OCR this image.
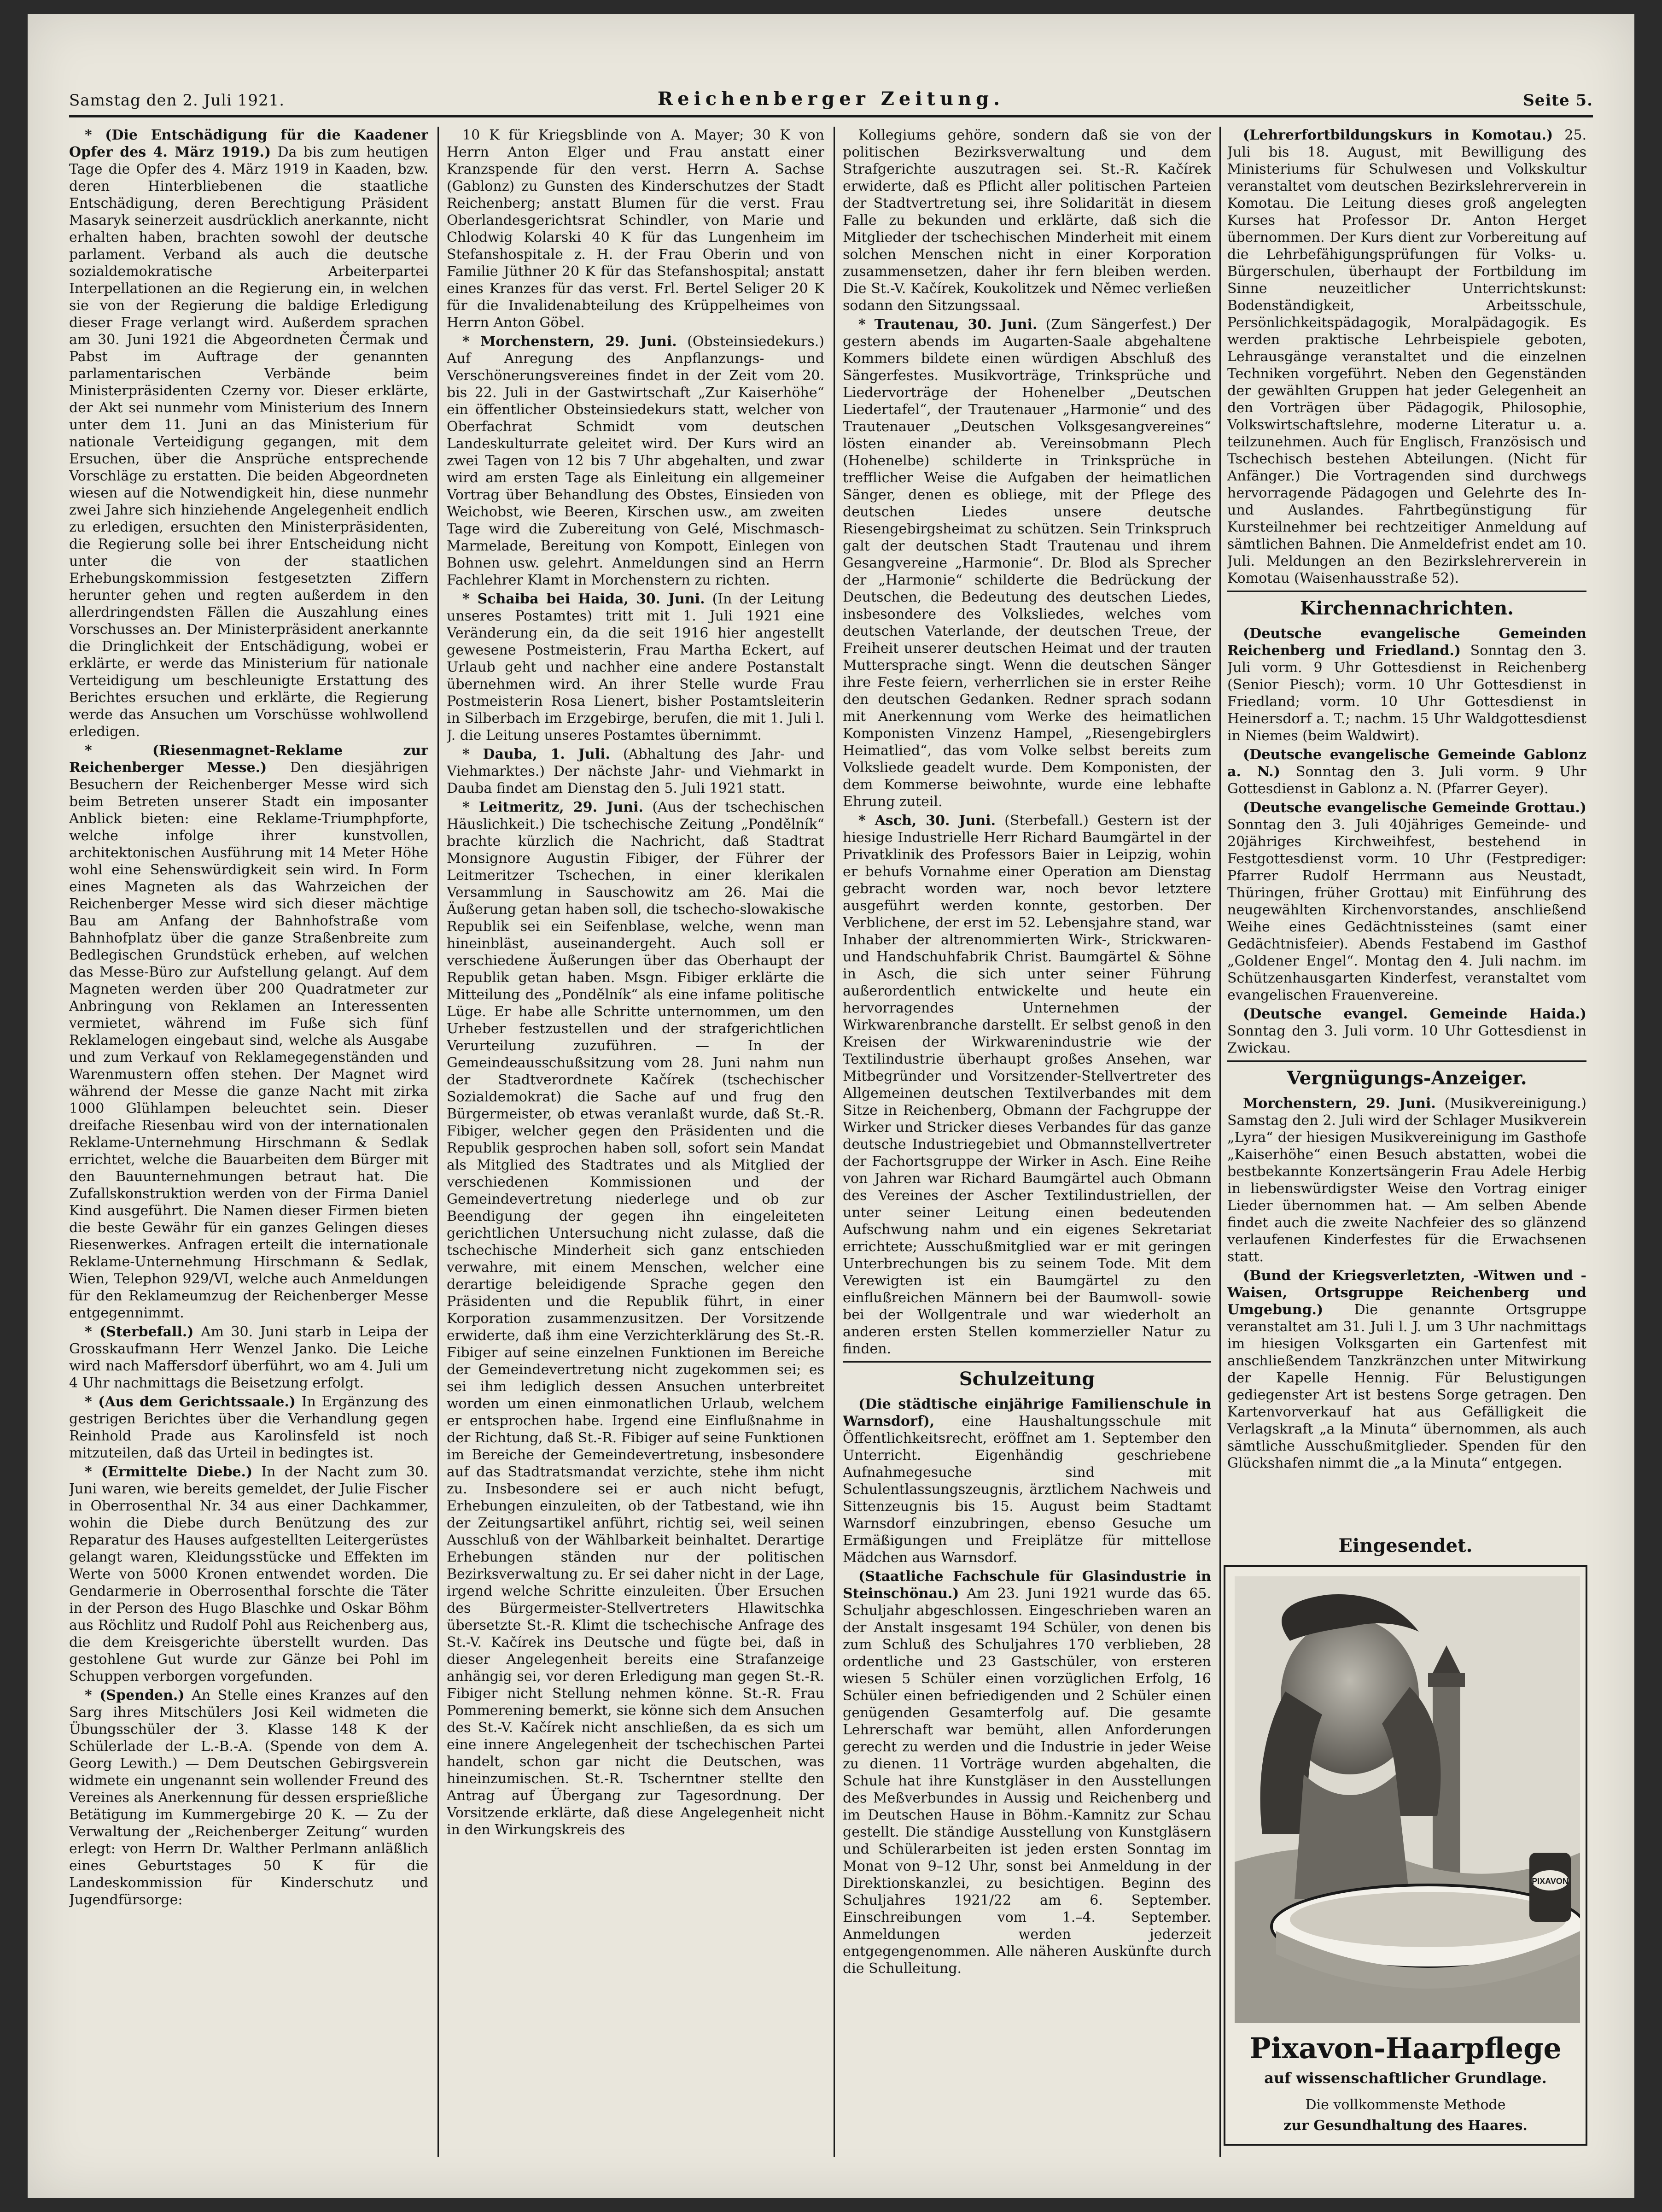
Samstag den 2. Juli 1921.	Reichenberger Zeitung.	Seite 5.

* (Die Entschädigung für die Kaadener Opfer des 4. März 1919.) Da bis zum heutigen Tage die Opfer des 4. März 1919 in Kaaden, bzw. deren Hinterbliebenen die staatliche Entschädigung, deren Berechtigung Präsident Masaryk seinerzeit ausdrücklich anerkannte, nicht erhalten haben, brachten sowohl der deutsche parlament. Verband als auch die deutsche sozialdemokratische Arbeiterpartei Interpellationen an die Regierung ein, in welchen sie von der Regierung die baldige Erledigung dieser Frage verlangt wird. Außerdem sprachen am 30. Juni 1921 die Abgeordneten Čermak und Pabst im Auftrage der genannten parlamentarischen Verbände beim Ministerpräsidenten Czerny vor. Dieser erklärte, der Akt sei nunmehr vom Ministerium des Innern unter dem 11. Juni an das Ministerium für nationale Verteidigung gegangen, mit dem Ersuchen, über die Ansprüche entsprechende Vorschläge zu erstatten. Die beiden Abgeordneten wiesen auf die Notwendigkeit hin, diese nunmehr zwei Jahre sich hinziehende Angelegenheit endlich zu erledigen, ersuchten den Ministerpräsidenten, die Regierung solle bei ihrer Entscheidung nicht unter die von der staatlichen Erhebungskommission festgesetzten Ziffern herunter gehen und regten außerdem in den allerdringendsten Fällen die Auszahlung eines Vorschusses an. Der Ministerpräsident anerkannte die Dringlichkeit der Entschädigung, wobei er erklärte, er werde das Ministerium für nationale Verteidigung um beschleunigte Erstattung des Berichtes ersuchen und erklärte, die Regierung werde das Ansuchen um Vorschüsse wohlwollend erledigen.

* (Riesenmagnet-Reklame zur Reichenberger Messe.) Den diesjährigen Besuchern der Reichenberger Messe wird sich beim Betreten unserer Stadt ein imposanter Anblick bieten: eine Reklame-Triumphpforte, welche infolge ihrer kunstvollen, architektonischen Ausführung mit 14 Meter Höhe wohl eine Sehenswürdigkeit sein wird. In Form eines Magneten als das Wahrzeichen der Reichenberger Messe wird sich dieser mächtige Bau am Anfang der Bahnhofstraße vom Bahnhofplatz über die ganze Straßenbreite zum Bedlegischen Grundstück erheben, auf welchen das Messe-Büro zur Aufstellung gelangt. Auf dem Magneten werden über 200 Quadratmeter zur Anbringung von Reklamen an Interessenten vermietet, während im Fuße sich fünf Reklamelogen eingebaut sind, welche als Ausgabe und zum Verkauf von Reklamegegenständen und Warenmustern offen stehen. Der Magnet wird während der Messe die ganze Nacht mit zirka 1000 Glühlampen beleuchtet sein. Dieser dreifache Riesenbau wird von der internationalen Reklame-Unternehmung Hirschmann & Sedlak errichtet, welche die Bauarbeiten dem Bürger mit den Bauunternehmungen betraut hat. Die Zufallskonstruktion werden von der Firma Daniel Kind ausgeführt. Die Namen dieser Firmen bieten die beste Gewähr für ein ganzes Gelingen dieses Riesenwerkes. Anfragen erteilt die internationale Reklame-Unternehmung Hirschmann & Sedlak, Wien, Telephon 929/VI, welche auch Anmeldungen für den Reklameumzug der Reichenberger Messe entgegennimmt.

* (Sterbefall.) Am 30. Juni starb in Leipa der Grosskaufmann Herr Wenzel Janko. Die Leiche wird nach Maffersdorf überführt, wo am 4. Juli um 4 Uhr nachmittags die Beisetzung erfolgt.

* (Aus dem Gerichtssaale.) In Ergänzung des gestrigen Berichtes über die Verhandlung gegen Reinhold Prade aus Karolinsfeld ist noch mitzuteilen, daß das Urteil in bedingtes ist.

* (Ermittelte Diebe.) In der Nacht zum 30. Juni waren, wie bereits gemeldet, der Julie Fischer in Oberrosenthal Nr. 34 aus einer Dachkammer, wohin die Diebe durch Benützung des zur Reparatur des Hauses aufgestellten Leitergerüstes gelangt waren, Kleidungsstücke und Effekten im Werte von 5000 Kronen entwendet worden. Die Gendarmerie in Oberrosenthal forschte die Täter in der Person des Hugo Blaschke und Oskar Böhm aus Röchlitz und Rudolf Pohl aus Reichenberg aus, die dem Kreisgerichte überstellt wurden. Das gestohlene Gut wurde zur Gänze bei Pohl im Schuppen verborgen vorgefunden.

* (Spenden.) An Stelle eines Kranzes auf den Sarg ihres Mitschülers Josi Keil widmeten die Übungsschüler der 3. Klasse 148 K der Schülerlade der L.-B.-A. (Spende von dem A. Georg Lewith.) — Dem Deutschen Gebirgsverein widmete ein ungenannt sein wollender Freund des Vereines als Anerkennung für dessen ersprießliche Betätigung im Kummergebirge 20 K. — Zu der Verwaltung der „Reichenberger Zeitung“ wurden erlegt: von Herrn Dr. Walther Perlmann anläßlich eines Geburtstages 50 K für die Landeskommission für Kinderschutz und Jugendfürsorge:

10 K für Kriegsblinde von A. Mayer; 30 K von Herrn Anton Elger und Frau anstatt einer Kranzspende für den verst. Herrn A. Sachse (Gablonz) zu Gunsten des Kinderschutzes der Stadt Reichenberg; anstatt Blumen für die verst. Frau Oberlandesgerichtsrat Schindler, von Marie und Chlodwig Kolarski 40 K für das Lungenheim im Stefanshospitale z. H. der Frau Oberin und von Familie Jüthner 20 K für das Stefanshospital; anstatt eines Kranzes für das verst. Frl. Bertel Seliger 20 K für die Invalidenabteilung des Krüppelheimes von Herrn Anton Göbel.

* Morchenstern, 29. Juni. (Obsteinsiedekurs.) Auf Anregung des Anpflanzungs- und Verschönerungsvereines findet in der Zeit vom 20. bis 22. Juli in der Gastwirtschaft „Zur Kaiserhöhe“ ein öffentlicher Obsteinsiedekurs statt, welcher von Oberfachrat Schmidt vom deutschen Landeskulturrate geleitet wird. Der Kurs wird an zwei Tagen von 12 bis 7 Uhr abgehalten, und zwar wird am ersten Tage als Einleitung ein allgemeiner Vortrag über Behandlung des Obstes, Einsieden von Weichobst, wie Beeren, Kirschen usw., am zweiten Tage wird die Zubereitung von Gelé, Mischmasch-Marmelade, Bereitung von Kompott, Einlegen von Bohnen usw. gelehrt. Anmeldungen sind an Herrn Fachlehrer Klamt in Morchenstern zu richten.

* Schaiba bei Haida, 30. Juni. (In der Leitung unseres Postamtes) tritt mit 1. Juli 1921 eine Veränderung ein, da die seit 1916 hier angestellt gewesene Postmeisterin, Frau Martha Eckert, auf Urlaub geht und nachher eine andere Postanstalt übernehmen wird. An ihrer Stelle wurde Frau Postmeisterin Rosa Lienert, bisher Postamtsleiterin in Silberbach im Erzgebirge, berufen, die mit 1. Juli l. J. die Leitung unseres Postamtes übernimmt.

* Dauba, 1. Juli. (Abhaltung des Jahr- und Viehmarktes.) Der nächste Jahr- und Viehmarkt in Dauba findet am Dienstag den 5. Juli 1921 statt.

* Leitmeritz, 29. Juni. (Aus der tschechischen Häuslichkeit.) Die tschechische Zeitung „Pondělník“ brachte kürzlich die Nachricht, daß Stadtrat Monsignore Augustin Fibiger, der Führer der Leitmeritzer Tschechen, in einer klerikalen Versammlung in Sauschowitz am 26. Mai die Äußerung getan haben soll, die tschecho-slowakische Republik sei ein Seifenblase, welche, wenn man hineinbläst, auseinandergeht. Auch soll er verschiedene Äußerungen über das Oberhaupt der Republik getan haben. Msgn. Fibiger erklärte die Mitteilung des „Pondělník“ als eine infame politische Lüge. Er habe alle Schritte unternommen, um den Urheber festzustellen und der strafgerichtlichen Verurteilung zuzuführen. — In der Gemeindeausschußsitzung vom 28. Juni nahm nun der Stadtverordnete Kačírek (tschechischer Sozialdemokrat) die Sache auf und frug den Bürgermeister, ob etwas veranlaßt wurde, daß St.-R. Fibiger, welcher gegen den Präsidenten und die Republik gesprochen haben soll, sofort sein Mandat als Mitglied des Stadtrates und als Mitglied der verschiedenen Kommissionen und der Gemeindevertretung niederlege und ob zur Beendigung der gegen ihn eingeleiteten gerichtlichen Untersuchung nicht zulasse, daß die tschechische Minderheit sich ganz entschieden verwahre, mit einem Menschen, welcher eine derartige beleidigende Sprache gegen den Präsidenten und die Republik führt, in einer Korporation zusammenzusitzen. Der Vorsitzende erwiderte, daß ihm eine Verzichterklärung des St.-R. Fibiger auf seine einzelnen Funktionen im Bereiche der Gemeindevertretung nicht zugekommen sei; es sei ihm lediglich dessen Ansuchen unterbreitet worden um einen einmonatlichen Urlaub, welchem er entsprochen habe. Irgend eine Einflußnahme in der Richtung, daß St.-R. Fibiger auf seine Funktionen im Bereiche der Gemeindevertretung, insbesondere auf das Stadtratsmandat verzichte, stehe ihm nicht zu. Insbesondere sei er auch nicht befugt, Erhebungen einzuleiten, ob der Tatbestand, wie ihn der Zeitungsartikel anführt, richtig sei, weil seinen Ausschluß von der Wählbarkeit beinhaltet. Derartige Erhebungen ständen nur der politischen Bezirksverwaltung zu. Er sei daher nicht in der Lage, irgend welche Schritte einzuleiten. Über Ersuchen des Bürgermeister-Stellvertreters Hlawitschka übersetzte St.-R. Klimt die tschechische Anfrage des St.-V. Kačírek ins Deutsche und fügte bei, daß in dieser Angelegenheit bereits eine Strafanzeige anhängig sei, vor deren Erledigung man gegen St.-R. Fibiger nicht Stellung nehmen könne. St.-R. Frau Pommerening bemerkt, sie könne sich dem Ansuchen des St.-V. Kačírek nicht anschließen, da es sich um eine innere Angelegenheit der tschechischen Partei handelt, schon gar nicht die Deutschen, was hineinzumischen. St.-R. Tscherntner stellte den Antrag auf Übergang zur Tagesordnung. Der Vorsitzende erklärte, daß diese Angelegenheit nicht in den Wirkungskreis des

Kollegiums gehöre, sondern daß sie von der politischen Bezirksverwaltung und dem Strafgerichte auszutragen sei. St.-R. Kačírek erwiderte, daß es Pflicht aller politischen Parteien der Stadtvertretung sei, ihre Solidarität in diesem Falle zu bekunden und erklärte, daß sich die Mitglieder der tschechischen Minderheit mit einem solchen Menschen nicht in einer Korporation zusammensetzen, daher ihr fern bleiben werden. Die St.-V. Kačírek, Koukolitzek und Němec verließen sodann den Sitzungssaal.

* Trautenau, 30. Juni. (Zum Sängerfest.) Der gestern abends im Augarten-Saale abgehaltene Kommers bildete einen würdigen Abschluß des Sängerfestes. Musikvorträge, Trinksprüche und Liedervorträge der Hohenelber „Deutschen Liedertafel“, der Trautenauer „Harmonie“ und des Trautenauer „Deutschen Volksgesangvereines“ lösten einander ab. Vereinsobmann Plech (Hohenelbe) schilderte in Trinksprüche in trefflicher Weise die Aufgaben der heimatlichen Sänger, denen es obliege, mit der Pflege des deutschen Liedes unsere deutsche Riesengebirgsheimat zu schützen. Sein Trinkspruch galt der deutschen Stadt Trautenau und ihrem Gesangvereine „Harmonie“. Dr. Blod als Sprecher der „Harmonie“ schilderte die Bedrückung der Deutschen, die Bedeutung des deutschen Liedes, insbesondere des Volksliedes, welches vom deutschen Vaterlande, der deutschen Treue, der Freiheit unserer deutschen Heimat und der trauten Muttersprache singt. Wenn die deutschen Sänger ihre Feste feiern, verherrlichen sie in erster Reihe den deutschen Gedanken. Redner sprach sodann mit Anerkennung vom Werke des heimatlichen Komponisten Vinzenz Hampel, „Riesengebirglers Heimatlied“, das vom Volke selbst bereits zum Volksliede geadelt wurde. Dem Komponisten, der dem Kommerse beiwohnte, wurde eine lebhafte Ehrung zuteil.

* Asch, 30. Juni. (Sterbefall.) Gestern ist der hiesige Industrielle Herr Richard Baumgärtel in der Privatklinik des Professors Baier in Leipzig, wohin er behufs Vornahme einer Operation am Dienstag gebracht worden war, noch bevor letztere ausgeführt werden konnte, gestorben. Der Verblichene, der erst im 52. Lebensjahre stand, war Inhaber der altrenommierten Wirk-, Strickwaren- und Handschuhfabrik Christ. Baumgärtel & Söhne in Asch, die sich unter seiner Führung außerordentlich entwickelte und heute ein hervorragendes Unternehmen der Wirkwarenbranche darstellt. Er selbst genoß in den Kreisen der Wirkwarenindustrie wie der Textilindustrie überhaupt großes Ansehen, war Mitbegründer und Vorsitzender-Stellvertreter des Allgemeinen deutschen Textilverbandes mit dem Sitze in Reichenberg, Obmann der Fachgruppe der Wirker und Stricker dieses Verbandes für das ganze deutsche Industriegebiet und Obmannstellvertreter der Fachortsgruppe der Wirker in Asch. Eine Reihe von Jahren war Richard Baumgärtel auch Obmann des Vereines der Ascher Textilindustriellen, der unter seiner Leitung einen bedeutenden Aufschwung nahm und ein eigenes Sekretariat errichtete; Ausschußmitglied war er mit geringen Unterbrechungen bis zu seinem Tode. Mit dem Verewigten ist ein Baumgärtel zu den einflußreichen Männern bei der Baumwoll- sowie bei der Wollgentrale und war wiederholt an anderen ersten Stellen kommerzieller Natur zu finden.

Schulzeitung

(Die städtische einjährige Familienschule in Warnsdorf), eine Haushaltungsschule mit Öffentlichkeitsrecht, eröffnet am 1. September den Unterricht. Eigenhändig geschriebene Aufnahmegesuche sind mit Schulentlassungszeugnis, ärztlichem Nachweis und Sittenzeugnis bis 15. August beim Stadtamt Warnsdorf einzubringen, ebenso Gesuche um Ermäßigungen und Freiplätze für mittellose Mädchen aus Warnsdorf.

(Staatliche Fachschule für Glasindustrie in Steinschönau.) Am 23. Juni 1921 wurde das 65. Schuljahr abgeschlossen. Eingeschrieben waren an der Anstalt insgesamt 194 Schüler, von denen bis zum Schluß des Schuljahres 170 verblieben, 28 ordentliche und 23 Gastschüler, von ersteren wiesen 5 Schüler einen vorzüglichen Erfolg, 16 Schüler einen befriedigenden und 2 Schüler einen genügenden Gesamterfolg auf. Die gesamte Lehrerschaft war bemüht, allen Anforderungen gerecht zu werden und die Industrie in jeder Weise zu dienen. 11 Vorträge wurden abgehalten, die Schule hat ihre Kunstgläser in den Ausstellungen des Meßverbundes in Aussig und Reichenberg und im Deutschen Hause in Böhm.-Kamnitz zur Schau gestellt. Die ständige Ausstellung von Kunstgläsern und Schülerarbeiten ist jeden ersten Sonntag im Monat von 9–12 Uhr, sonst bei Anmeldung in der Direktionskanzlei, zu besichtigen. Beginn des Schuljahres 1921/22 am 6. September. Einschreibungen vom 1.–4. September. Anmeldungen werden jederzeit entgegengenommen. Alle näheren Auskünfte durch die Schulleitung.

(Lehrerfortbildungskurs in Komotau.) 25. Juli bis 18. August, mit Bewilligung des Ministeriums für Schulwesen und Volkskultur veranstaltet vom deutschen Bezirkslehrerverein in Komotau. Die Leitung dieses groß angelegten Kurses hat Professor Dr. Anton Herget übernommen. Der Kurs dient zur Vorbereitung auf die Lehrbefähigungsprüfungen für Volks- u. Bürgerschulen, überhaupt der Fortbildung im Sinne neuzeitlicher Unterrichtskunst: Bodenständigkeit, Arbeitsschule, Persönlichkeitspädagogik, Moralpädagogik. Es werden praktische Lehrbeispiele geboten, Lehrausgänge veranstaltet und die einzelnen Techniken vorgeführt. Neben den Gegenständen der gewählten Gruppen hat jeder Gelegenheit an den Vorträgen über Pädagogik, Philosophie, Volkswirtschaftslehre, moderne Literatur u. a. teilzunehmen. Auch für Englisch, Französisch und Tschechisch bestehen Abteilungen. (Nicht für Anfänger.) Die Vortragenden sind durchwegs hervorragende Pädagogen und Gelehrte des In- und Auslandes. Fahrtbegünstigung für Kursteilnehmer bei rechtzeitiger Anmeldung auf sämtlichen Bahnen. Die Anmeldefrist endet am 10. Juli. Meldungen an den Bezirkslehrerverein in Komotau (Waisenhausstraße 52).

Kirchennachrichten.

(Deutsche evangelische Gemeinden Reichenberg und Friedland.) Sonntag den 3. Juli vorm. 9 Uhr Gottesdienst in Reichenberg (Senior Piesch); vorm. 10 Uhr Gottesdienst in Friedland; vorm. 10 Uhr Gottesdienst in Heinersdorf a. T.; nachm. 15 Uhr Waldgottesdienst in Niemes (beim Waldwirt).

(Deutsche evangelische Gemeinde Gablonz a. N.) Sonntag den 3. Juli vorm. 9 Uhr Gottesdienst in Gablonz a. N. (Pfarrer Geyer).

(Deutsche evangelische Gemeinde Grottau.) Sonntag den 3. Juli 40jähriges Gemeinde- und 20jähriges Kirchweihfest, bestehend in Festgottesdienst vorm. 10 Uhr (Festprediger: Pfarrer Rudolf Herrmann aus Neustadt, Thüringen, früher Grottau) mit Einführung des neugewählten Kirchenvorstandes, anschließend Weihe eines Gedächtnissteines (samt einer Gedächtnisfeier). Abends Festabend im Gasthof „Goldener Engel“. Montag den 4. Juli nachm. im Schützenhausgarten Kinderfest, veranstaltet vom evangelischen Frauenvereine.

(Deutsche evangel. Gemeinde Haida.) Sonntag den 3. Juli vorm. 10 Uhr Gottesdienst in Zwickau.

Vergnügungs-Anzeiger.

Morchenstern, 29. Juni. (Musikvereinigung.) Samstag den 2. Juli wird der Schlager Musikverein „Lyra“ der hiesigen Musikvereinigung im Gasthofe „Kaiserhöhe“ einen Besuch abstatten, wobei die bestbekannte Konzertsängerin Frau Adele Herbig in liebenswürdigster Weise den Vortrag einiger Lieder übernommen hat. — Am selben Abende findet auch die zweite Nachfeier des so glänzend verlaufenen Kinderfestes für die Erwachsenen statt.

(Bund der Kriegsverletzten, -Witwen und -Waisen, Ortsgruppe Reichenberg und Umgebung.) Die genannte Ortsgruppe veranstaltet am 31. Juli l. J. um 3 Uhr nachmittags im hiesigen Volksgarten ein Gartenfest mit anschließendem Tanzkränzchen unter Mitwirkung der Kapelle Hennig. Für Belustigungen gediegenster Art ist bestens Sorge getragen. Den Kartenvorverkauf hat aus Gefälligkeit die Verlagskraft „a la Minuta“ übernommen, als auch sämtliche Ausschußmitglieder. Spenden für den Glückshafen nimmt die „a la Minuta“ entgegen.

Eingesendet.
PIXAVON
Pixavon-Haarpflege
auf wissenschaftlicher Grundlage.
Die vollkommenste Methode
zur Gesundhaltung des Haares.
